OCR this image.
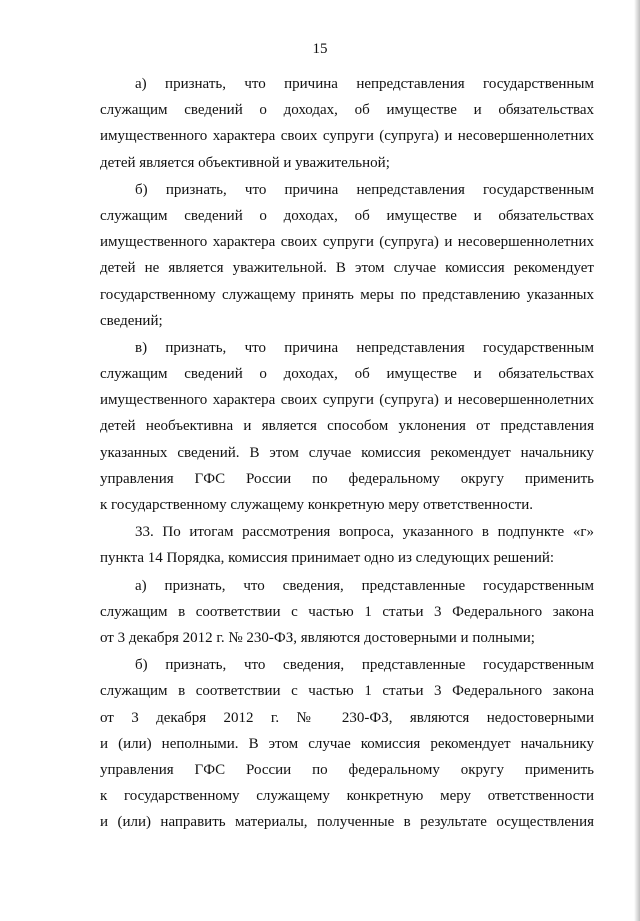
15
а) признать, что причина непредставления государственным
служащим сведений о доходах, об имуществе и обязательствах
имущественного характера своих супруги (супруга) и несовершеннолетних
детей является объективной и уважительной;
б) признать, что причина непредставления государственным
служащим сведений о доходах, об имуществе и обязательствах
имущественного характера своих супруги (супруга) и несовершеннолетних
детей не является уважительной. В этом случае комиссия рекомендует
государственному служащему принять меры по представлению указанных
сведений;
в) признать, что причина непредставления государственным
служащим сведений о доходах, об имуществе и обязательствах
имущественного характера своих супруги (супруга) и несовершеннолетних
детей необъективна и является способом уклонения от представления
указанных сведений. В этом случае комиссия рекомендует начальнику
управления ГФС России по федеральному округу применить
к государственному служащему конкретную меру ответственности.
33. По итогам рассмотрения вопроса, указанного в подпункте «г»
пункта 14 Порядка, комиссия принимает одно из следующих решений:
а) признать, что сведения, представленные государственным
служащим в соответствии с частью 1 статьи 3 Федерального закона
от 3 декабря 2012 г. № 230-ФЗ, являются достоверными и полными;
б) признать, что сведения, представленные государственным
служащим в соответствии с частью 1 статьи 3 Федерального закона
от 3 декабря 2012 г. № 230-ФЗ, являются недостоверными
и (или) неполными. В этом случае комиссия рекомендует начальнику
управления ГФС России по федеральному округу применить
к государственному служащему конкретную меру ответственности
и (или) направить материалы, полученные в результате осуществления
